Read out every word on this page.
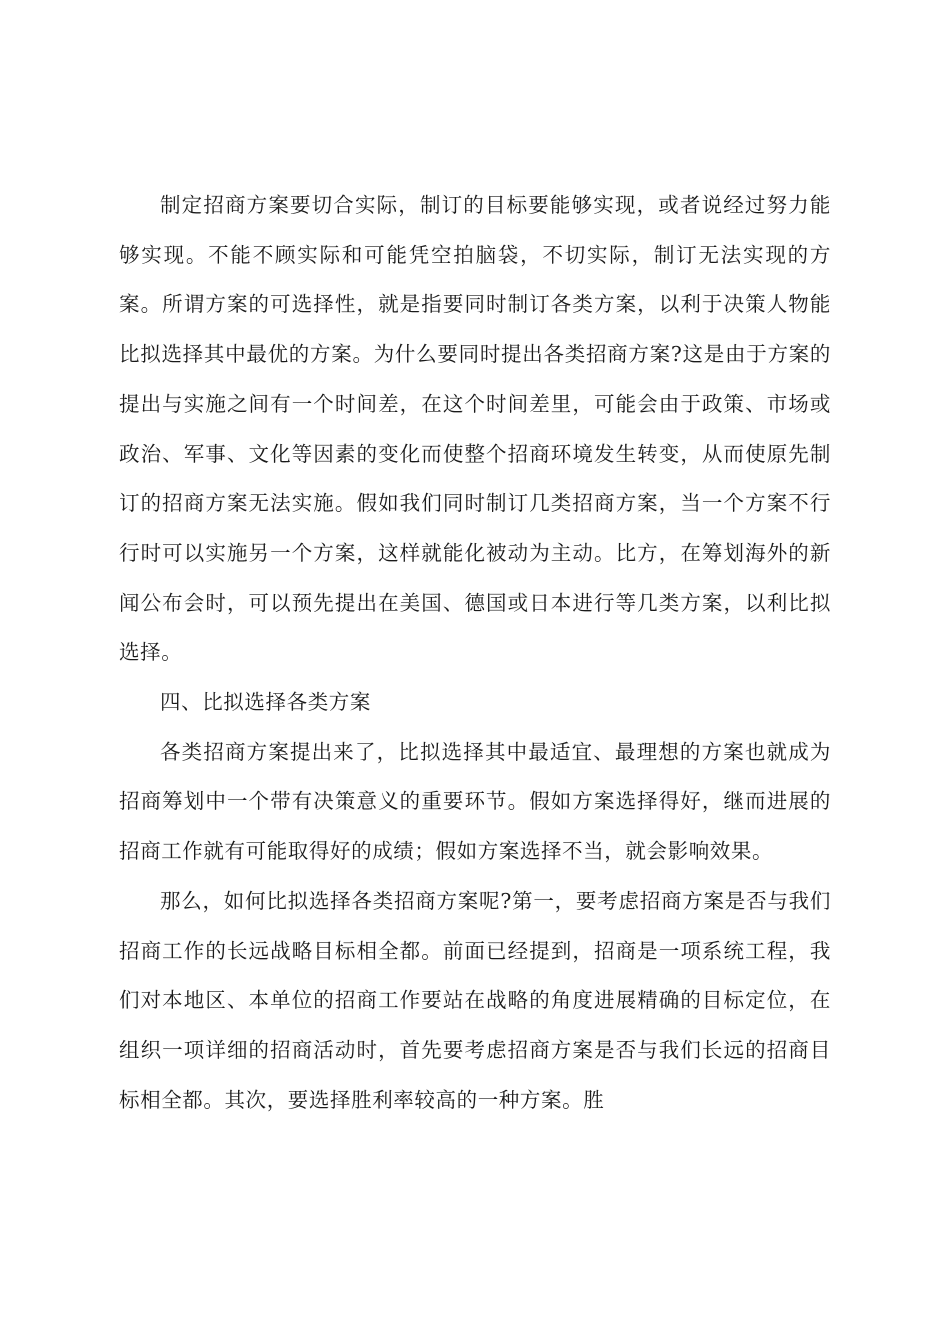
制定招商方案要切合实际，制订的目标要能够实现，或者说经过努力能够实现。不能不顾实际和可能凭空拍脑袋，不切实际，制订无法实现的方案。所谓方案的可选择性，就是指要同时制订各类方案，以利于决策人物能比拟选择其中最优的方案。为什么要同时提出各类招商方案?这是由于方案的提出与实施之间有一个时间差，在这个时间差里，可能会由于政策、市场或政治、军事、文化等因素的变化而使整个招商环境发生转变，从而使原先制订的招商方案无法实施。假如我们同时制订几类招商方案，当一个方案不行行时可以实施另一个方案，这样就能化被动为主动。比方，在筹划海外的新闻公布会时，可以预先提出在美国、德国或日本进行等几类方案，以利比拟选择。

四、比拟选择各类方案

各类招商方案提出来了，比拟选择其中最适宜、最理想的方案也就成为招商筹划中一个带有决策意义的重要环节。假如方案选择得好，继而进展的招商工作就有可能取得好的成绩；假如方案选择不当，就会影响效果。

那么，如何比拟选择各类招商方案呢?第一，要考虑招商方案是否与我们招商工作的长远战略目标相全都。前面已经提到，招商是一项系统工程，我们对本地区、本单位的招商工作要站在战略的角度进展精确的目标定位，在组织一项详细的招商活动时，首先要考虑招商方案是否与我们长远的招商目标相全都。其次，要选择胜利率较高的一种方案。胜
